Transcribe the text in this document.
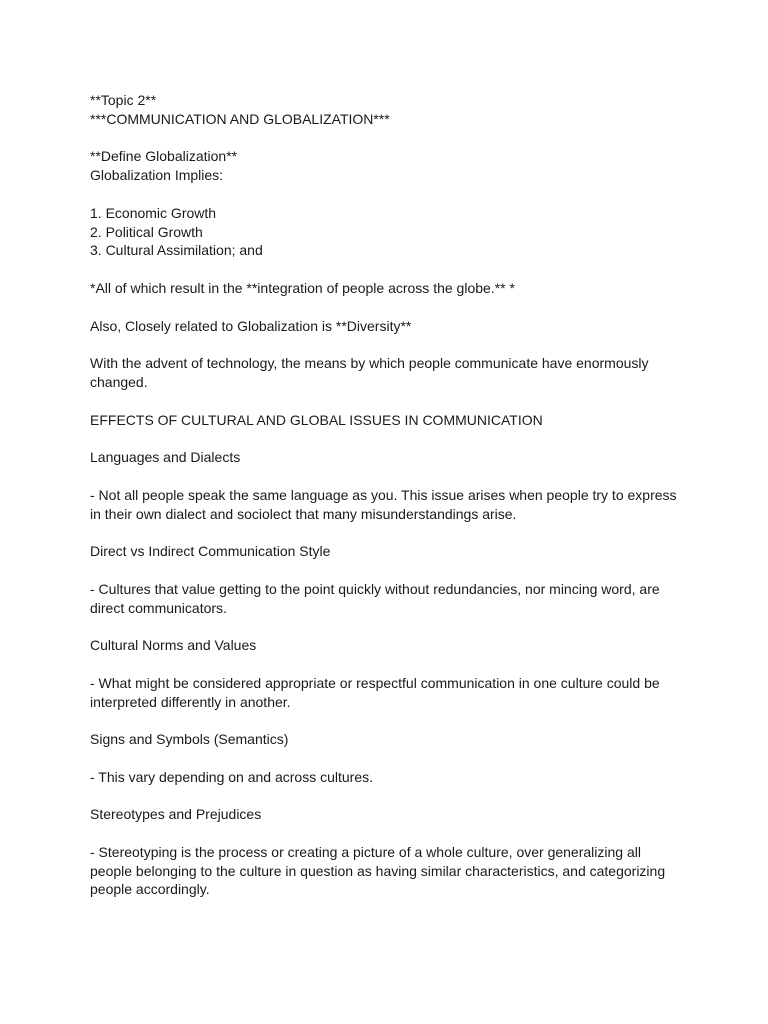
**Topic 2**

***COMMUNICATION AND GLOBALIZATION***

**Define Globalization**

Globalization Implies:

1. Economic Growth

2. Political Growth

3. Cultural Assimilation; and

*All of which result in the **integration of people across the globe.** *

Also, Closely related to Globalization is **Diversity**

With the advent of technology, the means by which people communicate have enormously changed.

EFFECTS OF CULTURAL AND GLOBAL ISSUES IN COMMUNICATION

Languages and Dialects

- Not all people speak the same language as you. This issue arises when people try to express in their own dialect and sociolect that many misunderstandings arise.

Direct vs Indirect Communication Style

- Cultures that value getting to the point quickly without redundancies, nor mincing word, are direct communicators.

Cultural Norms and Values

- What might be considered appropriate or respectful communication in one culture could be interpreted differently in another.

Signs and Symbols (Semantics)

- This vary depending on and across cultures.

Stereotypes and Prejudices

- Stereotyping is the process or creating a picture of a whole culture, over generalizing all people belonging to the culture in question as having similar characteristics, and categorizing people accordingly.
